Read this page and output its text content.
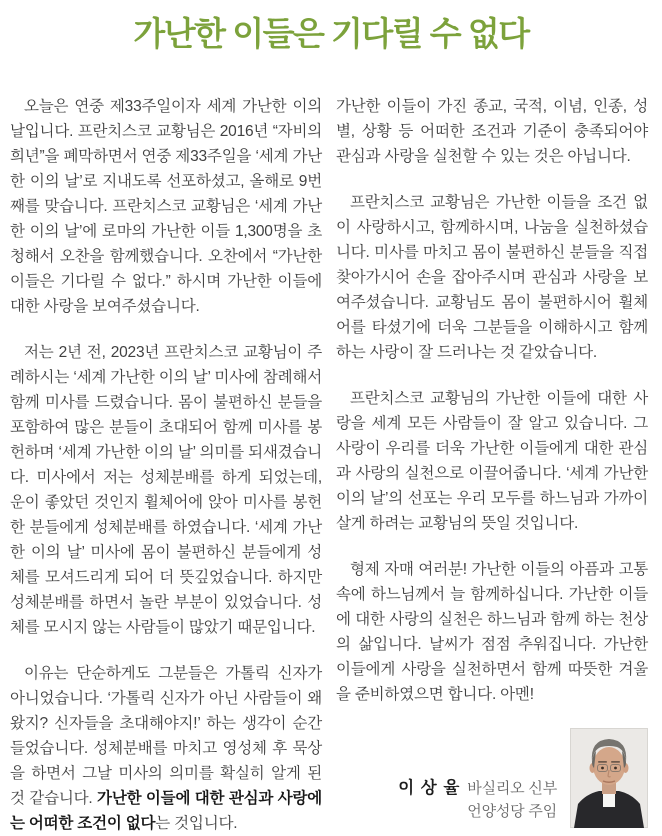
가난한 이들은 기다릴 수 없다

오늘은 연중 제33주일이자 세계 가난한 이의 날입니다. 프란치스코 교황님은 2016년 “자비의 희년”을 폐막하면서 연중 제33주일을 ‘세계 가난한 이의 날’로 지내도록 선포하셨고, 올해로 9번째를 맞습니다. 프란치스코 교황님은 ‘세계 가난한 이의 날’에 로마의 가난한 이들 1,300명을 초청해서 오찬을 함께했습니다. 오찬에서 “가난한 이들은 기다릴 수 없다.” 하시며 가난한 이들에 대한 사랑을 보여주셨습니다.

저는 2년 전, 2023년 프란치스코 교황님이 주례하시는 ‘세계 가난한 이의 날’ 미사에 참례해서 함께 미사를 드렸습니다. 몸이 불편하신 분들을 포함하여 많은 분들이 초대되어 함께 미사를 봉헌하며 ‘세계 가난한 이의 날’ 의미를 되새겼습니다. 미사에서 저는 성체분배를 하게 되었는데, 운이 좋았던 것인지 휠체어에 앉아 미사를 봉헌한 분들에게 성체분배를 하였습니다. ‘세계 가난한 이의 날’ 미사에 몸이 불편하신 분들에게 성체를 모셔드리게 되어 더 뜻깊었습니다. 하지만 성체분배를 하면서 놀란 부분이 있었습니다. 성체를 모시지 않는 사람들이 많았기 때문입니다.

이유는 단순하게도 그분들은 가톨릭 신자가 아니었습니다. ‘가톨릭 신자가 아닌 사람들이 왜 왔지? 신자들을 초대해야지!’ 하는 생각이 순간 들었습니다. 성체분배를 마치고 영성체 후 묵상을 하면서 그날 미사의 의미를 확실히 알게 된 것 같습니다. 가난한 이들에 대한 관심과 사랑에는 어떠한 조건이 없다는 것입니다.

가난한 이들이 가진 종교, 국적, 이념, 인종, 성별, 상황 등 어떠한 조건과 기준이 충족되어야 관심과 사랑을 실천할 수 있는 것은 아닙니다.

프란치스코 교황님은 가난한 이들을 조건 없이 사랑하시고, 함께하시며, 나눔을 실천하셨습니다. 미사를 마치고 몸이 불편하신 분들을 직접 찾아가시어 손을 잡아주시며 관심과 사랑을 보여주셨습니다. 교황님도 몸이 불편하시어 휠체어를 타셨기에 더욱 그분들을 이해하시고 함께하는 사랑이 잘 드러나는 것 같았습니다.

프란치스코 교황님의 가난한 이들에 대한 사랑을 세계 모든 사람들이 잘 알고 있습니다. 그 사랑이 우리를 더욱 가난한 이들에게 대한 관심과 사랑의 실천으로 이끌어줍니다. ‘세계 가난한 이의 날’의 선포는 우리 모두를 하느님과 가까이 살게 하려는 교황님의 뜻일 것입니다.

형제 자매 여러분! 가난한 이들의 아픔과 고통 속에 하느님께서 늘 함께하십니다. 가난한 이들에 대한 사랑의 실천은 하느님과 함께 하는 천상의 삶입니다. 날씨가 점점 추워집니다. 가난한 이들에게 사랑을 실천하면서 함께 따뜻한 겨울을 준비하였으면 합니다. 아멘!

이 상 율 바실리오 신부
언양성당 주임
